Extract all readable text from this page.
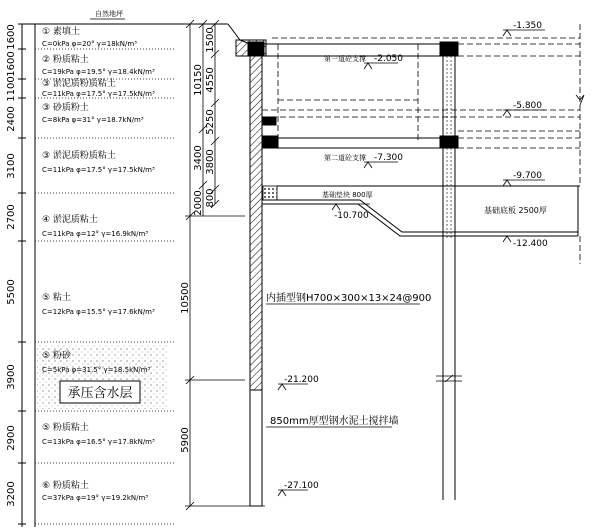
承压含水层
1600
1600
1100
2400
3100
2700
5500
3900
2900
3200
① 素填土
C=0kPa φ=20° γ=18kN/m³
② 粉质粘土
C=19kPa φ=19.5° γ=18.4kN/m³
③ 淤泥质粉质粘土
C=11kPa φ=17.5° γ=17.5kN/m³
③ 砂质粉土
C=8kPa φ=31° γ=18.7kN/m³
③ 淤泥质粉质粘土
C=11kPa φ=17.5° γ=17.5kN/m³
④ 淤泥质粘土
C=11kPa φ=12° γ=16.9kN/m³
⑤ 粘土
C=12kPa φ=15.5° γ=17.6kN/m³
⑤ 粉砂
C=5kPa φ=31.5° γ=18.5kN/m³
⑤ 粉质粘土
C=13kPa φ=16.5° γ=17.8kN/m³
⑥ 粉质粘土
C=37kPa φ=19° γ=19.2kN/m³
自然地坪
1500
4550
5250
10150
3800
3400
800
2000
10500
5900
-1.350
-2.050
-5.800
-7.300
-9.700
-10.700
-12.400
-21.200
-27.100
第一道砼支撑
第二道砼支撑
基础垫块 800厚
基础底板 2500厚
内插型钢H700×300×13×24@900
850mm厚型钢水泥土搅拌墙
